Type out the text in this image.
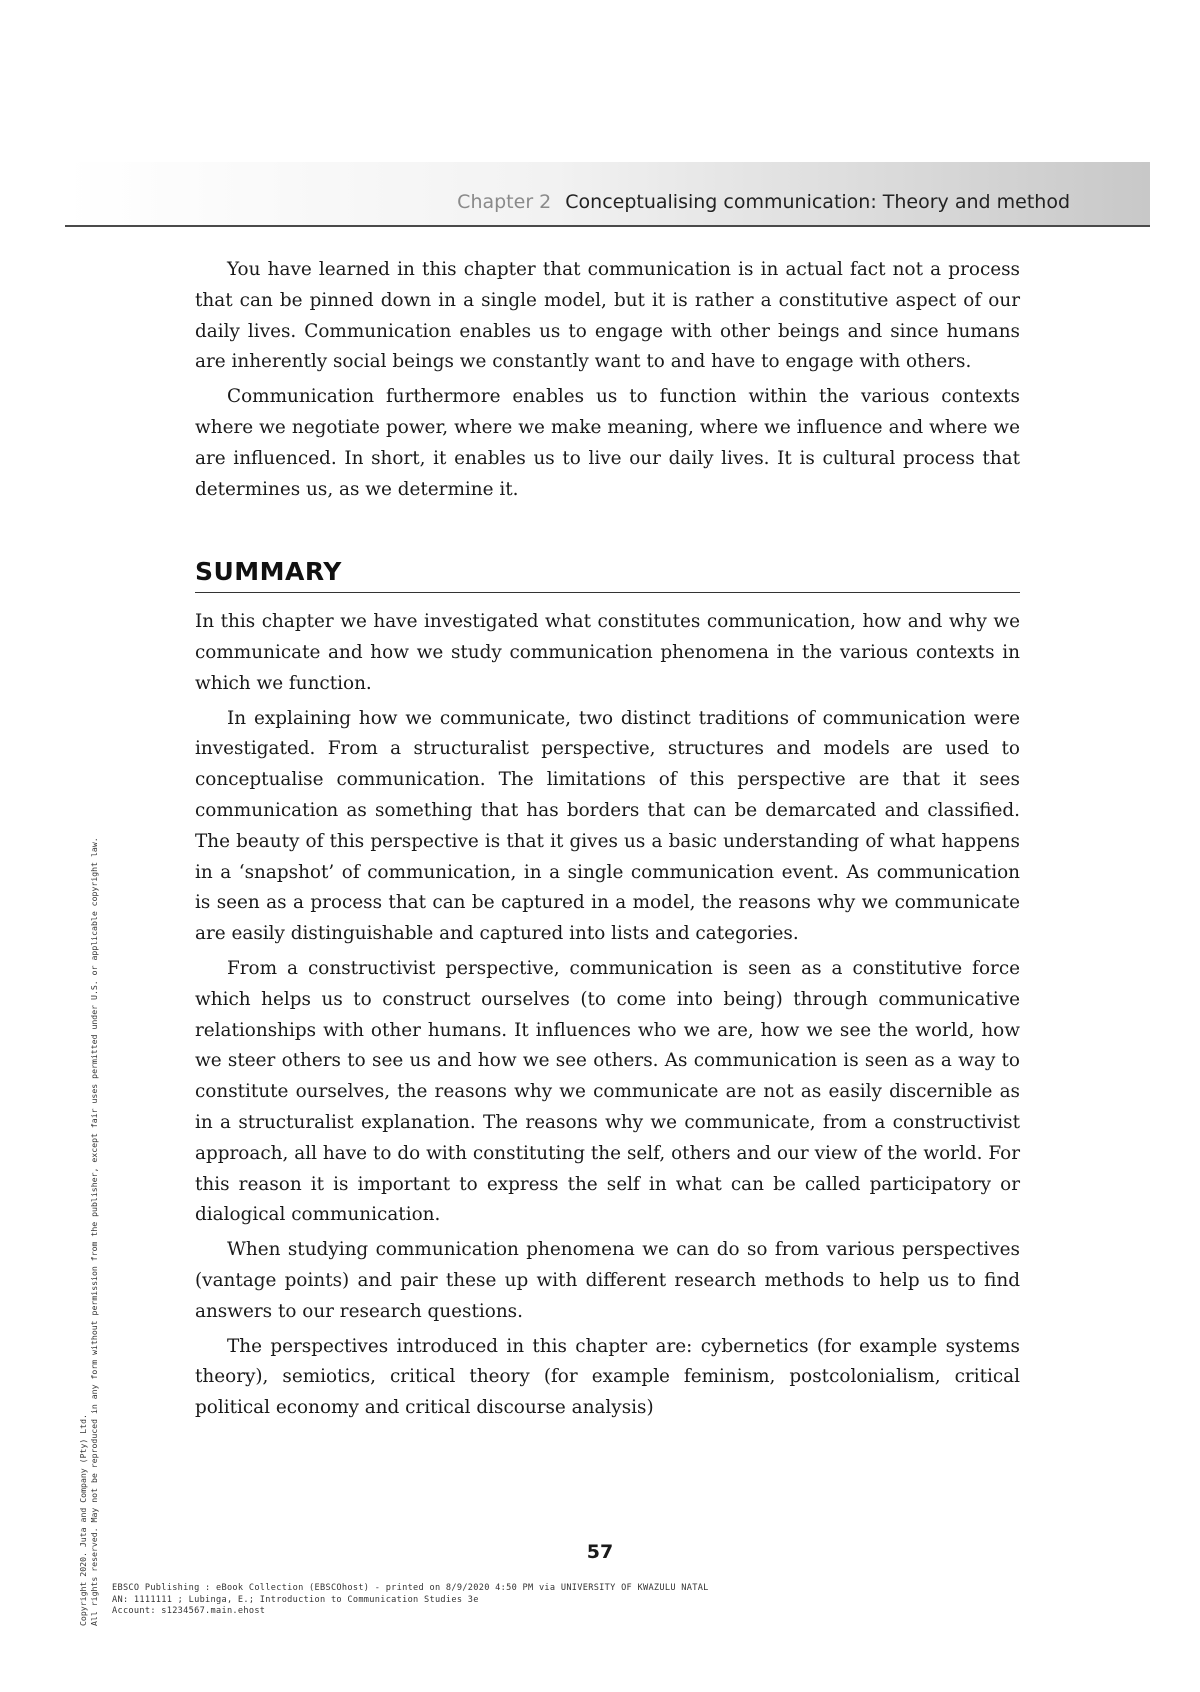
Chapter 2 Conceptualising communication: Theory and method

You have learned in this chapter that communication is in actual fact not a process that can be pinned down in a single model, but it is rather a constitutive aspect of our daily lives. Communication enables us to engage with other beings and since humans are inherently social beings we constantly want to and have to engage with others.

Communication furthermore enables us to function within the various contexts where we negotiate power, where we make meaning, where we influence and where we are influenced. In short, it enables us to live our daily lives. It is cultural process that determines us, as we determine it.

SUMMARY

In this chapter we have investigated what constitutes communication, how and why we communicate and how we study communication phenomena in the various contexts in which we function.

In explaining how we communicate, two distinct traditions of communication were investigated. From a structuralist perspective, structures and models are used to conceptualise communication. The limitations of this perspective are that it sees communication as something that has borders that can be demarcated and classified. The beauty of this perspective is that it gives us a basic understanding of what happens in a ‘snapshot’ of communication, in a single communication event. As communication is seen as a process that can be captured in a model, the reasons why we communicate are easily distinguishable and captured into lists and categories.

From a constructivist perspective, communication is seen as a constitutive force which helps us to construct ourselves (to come into being) through communicative relationships with other humans. It influences who we are, how we see the world, how we steer others to see us and how we see others. As communication is seen as a way to constitute ourselves, the reasons why we communicate are not as easily discernible as in a structuralist explanation. The reasons why we communicate, from a constructivist approach, all have to do with constituting the self, others and our view of the world. For this reason it is important to express the self in what can be called participatory or dialogical communication.

When studying communication phenomena we can do so from various perspectives (vantage points) and pair these up with different research methods to help us to find answers to our research questions.

The perspectives introduced in this chapter are: cybernetics (for example systems theory), semiotics, critical theory (for example feminism, postcolonialism, critical political economy and critical discourse analysis)

57
EBSCO Publishing : eBook Collection (EBSCOhost) - printed on 8/9/2020 4:50 PM via UNIVERSITY OF KWAZULU NATAL
AN: 1111111 ; Lubinga, E.; Introduction to Communication Studies 3e
Account: s1234567.main.ehost
Copyright 2020. Juta and Company (Pty) Ltd. All rights reserved. May not be reproduced in any form without permission from the publisher, except fair uses permitted under U.S. or applicable copyright law.
